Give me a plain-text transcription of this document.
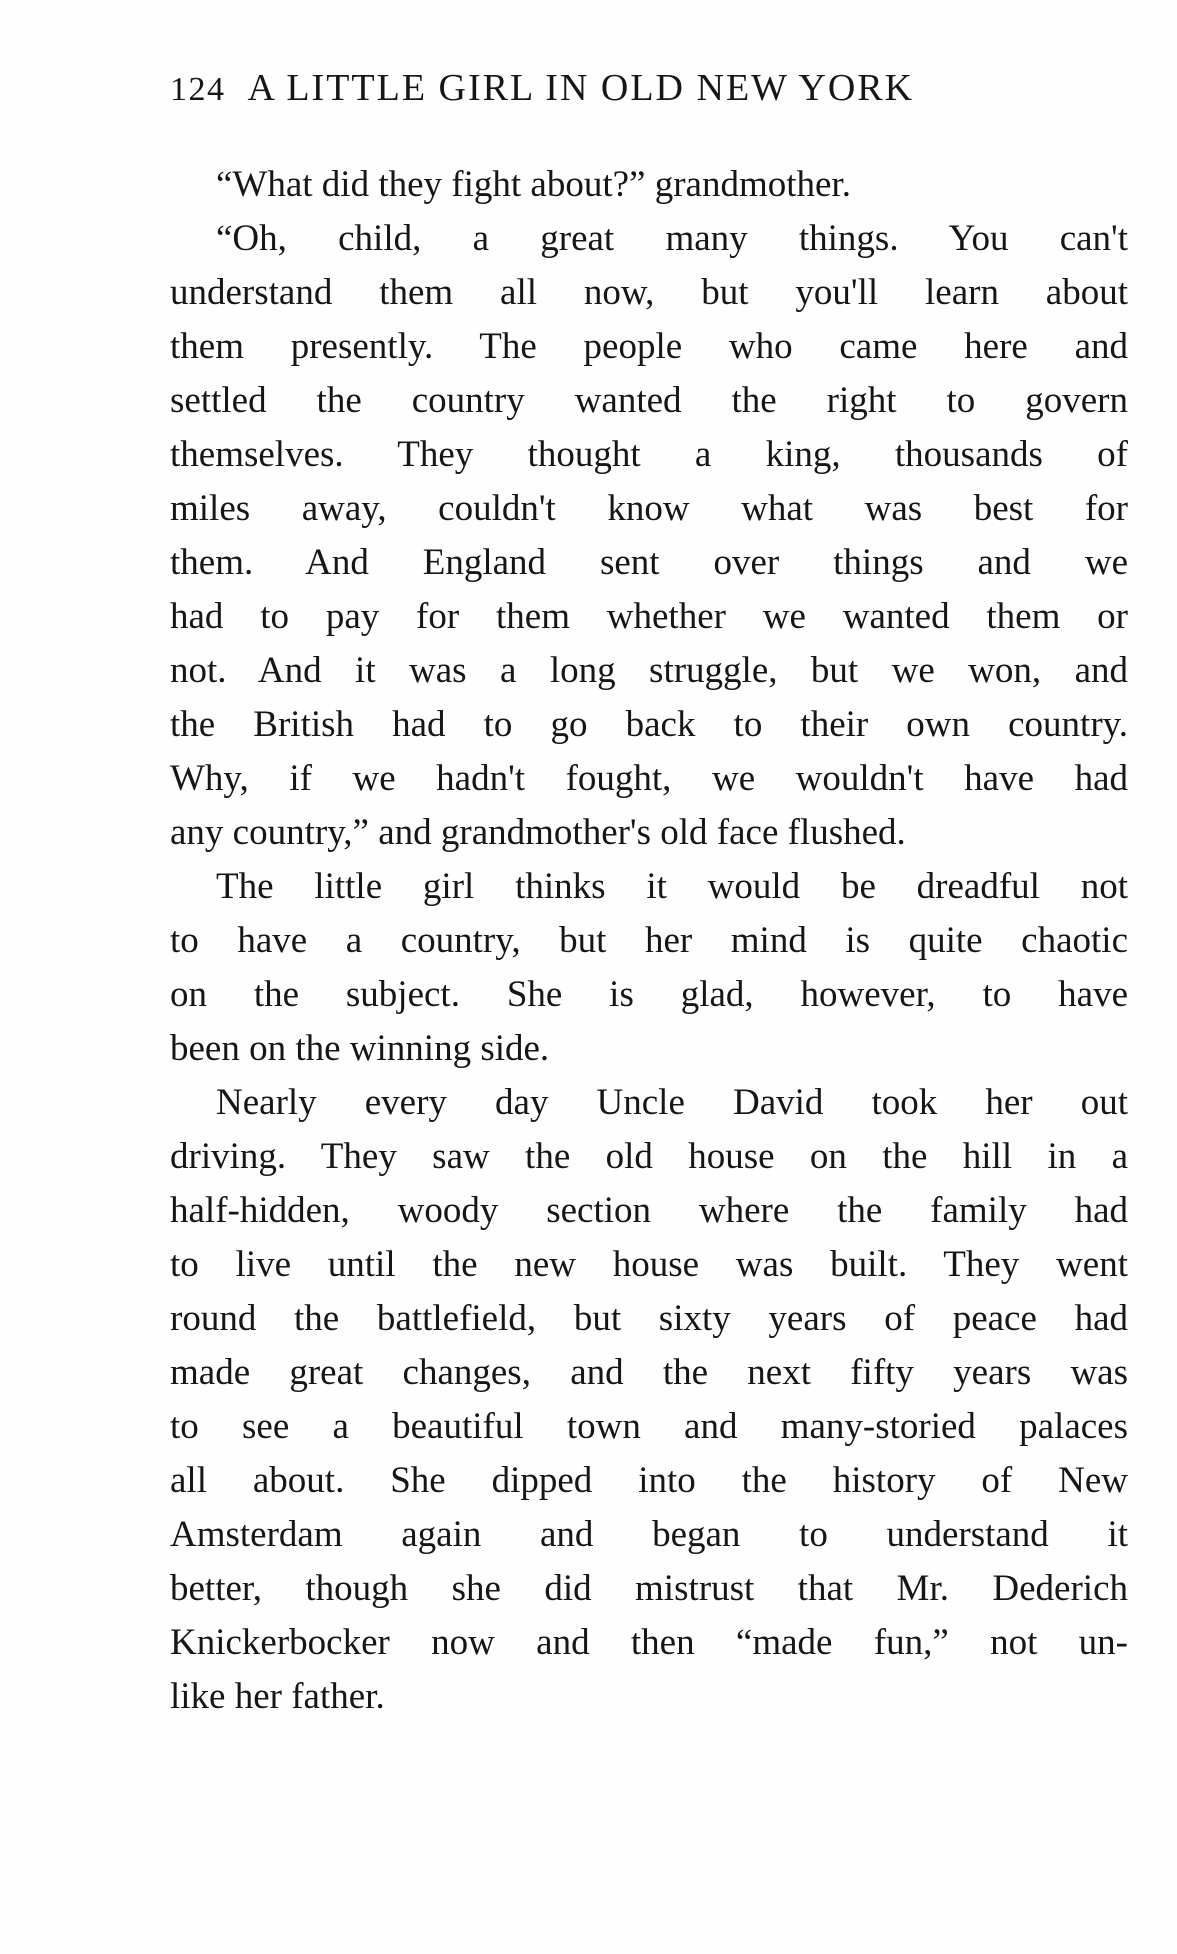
124 A LITTLE GIRL IN OLD NEW YORK
“What did they fight about?” grandmother.
“Oh, child, a great many things. You can't
understand them all now, but you'll learn about
them presently. The people who came here and
settled the country wanted the right to govern
themselves. They thought a king, thousands of
miles away, couldn't know what was best for
them. And England sent over things and we
had to pay for them whether we wanted them or
not. And it was a long struggle, but we won, and
the British had to go back to their own country.
Why, if we hadn't fought, we wouldn't have had
any country,” and grandmother's old face flushed.
The little girl thinks it would be dreadful not
to have a country, but her mind is quite chaotic
on the subject. She is glad, however, to have
been on the winning side.
Nearly every day Uncle David took her out
driving. They saw the old house on the hill in a
half-hidden, woody section where the family had
to live until the new house was built. They went
round the battlefield, but sixty years of peace had
made great changes, and the next fifty years was
to see a beautiful town and many-storied palaces
all about. She dipped into the history of New
Amsterdam again and began to understand it
better, though she did mistrust that Mr. Dederich
Knickerbocker now and then “made fun,” not un-
like her father.
